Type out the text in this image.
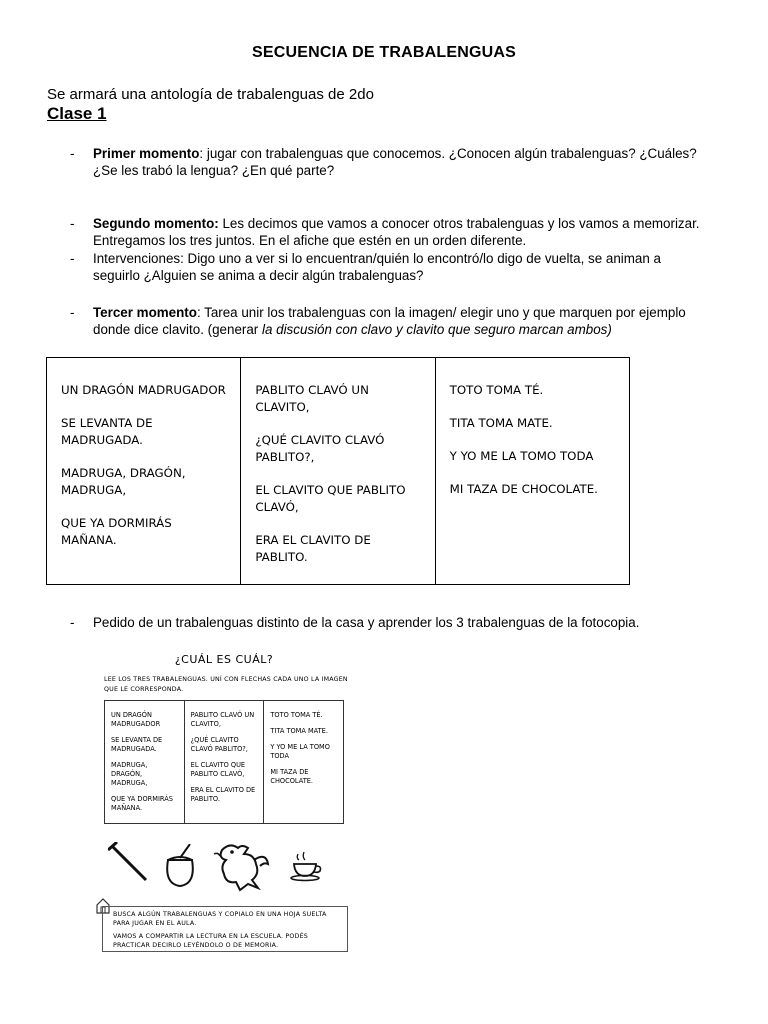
SECUENCIA DE TRABALENGUAS
Se armará una antología de trabalenguas de 2do
Clase 1
- Primer momento: jugar con trabalenguas que conocemos. ¿Conocen algún trabalenguas? ¿Cuáles?
¿Se les trabó la lengua? ¿En qué parte?
- Segundo momento: Les decimos que vamos a conocer otros trabalenguas y los vamos a memorizar. Entregamos los tres juntos. En el afiche que estén en un orden diferente.
- Intervenciones: Digo uno a ver si lo encuentran/quién lo encontró/lo digo de vuelta, se animan a seguirlo ¿Alguien se anima a decir algún trabalenguas?
- Tercer momento: Tarea unir los trabalenguas con la imagen/ elegir uno y que marquen por ejemplo donde dice clavito. (generar la discusión con clavo y clavito que seguro marcan ambos)

UN DRAGÓN MADRUGADOR

SE LEVANTA DE MADRUGADA.

MADRUGA, DRAGÓN, MADRUGA,

QUE YA DORMIRÁS MAÑANA.

PABLITO CLAVÓ UN CLAVITO,

¿QUÉ CLAVITO CLAVÓ PABLITO?,

EL CLAVITO QUE PABLITO CLAVÓ,

ERA EL CLAVITO DE PABLITO.

TOTO TOMA TÉ.

TITA TOMA MATE.

Y YO ME LA TOMO TODA

MI TAZA DE CHOCOLATE.

- Pedido de un trabalenguas distinto de la casa y aprender los 3 trabalenguas de la fotocopia.
¿CUÁL ES CUÁL?
LEE LOS TRES TRABALENGUAS. UNÍ CON FLECHAS CADA UNO LA IMAGEN QUE LE CORRESPONDA.

UN DRAGÓN MADRUGADOR

SE LEVANTA DE MADRUGADA.

MADRUGA, DRAGÓN, MADRUGA,

QUE YA DORMIRÁS MAÑANA.

PABLITO CLAVÓ UN CLAVITO,

¿QUÉ CLAVITO CLAVÓ PABLITO?,

EL CLAVITO QUE PABLITO CLAVÓ,

ERA EL CLAVITO DE PABLITO.

TOTO TOMA TÉ.

TITA TOMA MATE.

Y YO ME LA TOMO TODA

MI TAZA DE CHOCOLATE.

BUSCA ALGÚN TRABALENGUAS Y COPIALO EN UNA HOJA SUELTA PARA JUGAR EN EL AULA.

VAMOS A COMPARTIR LA LECTURA EN LA ESCUELA. PODÉS PRACTICAR DECIRLO LEYÉNDOLO O DE MEMORIA.
